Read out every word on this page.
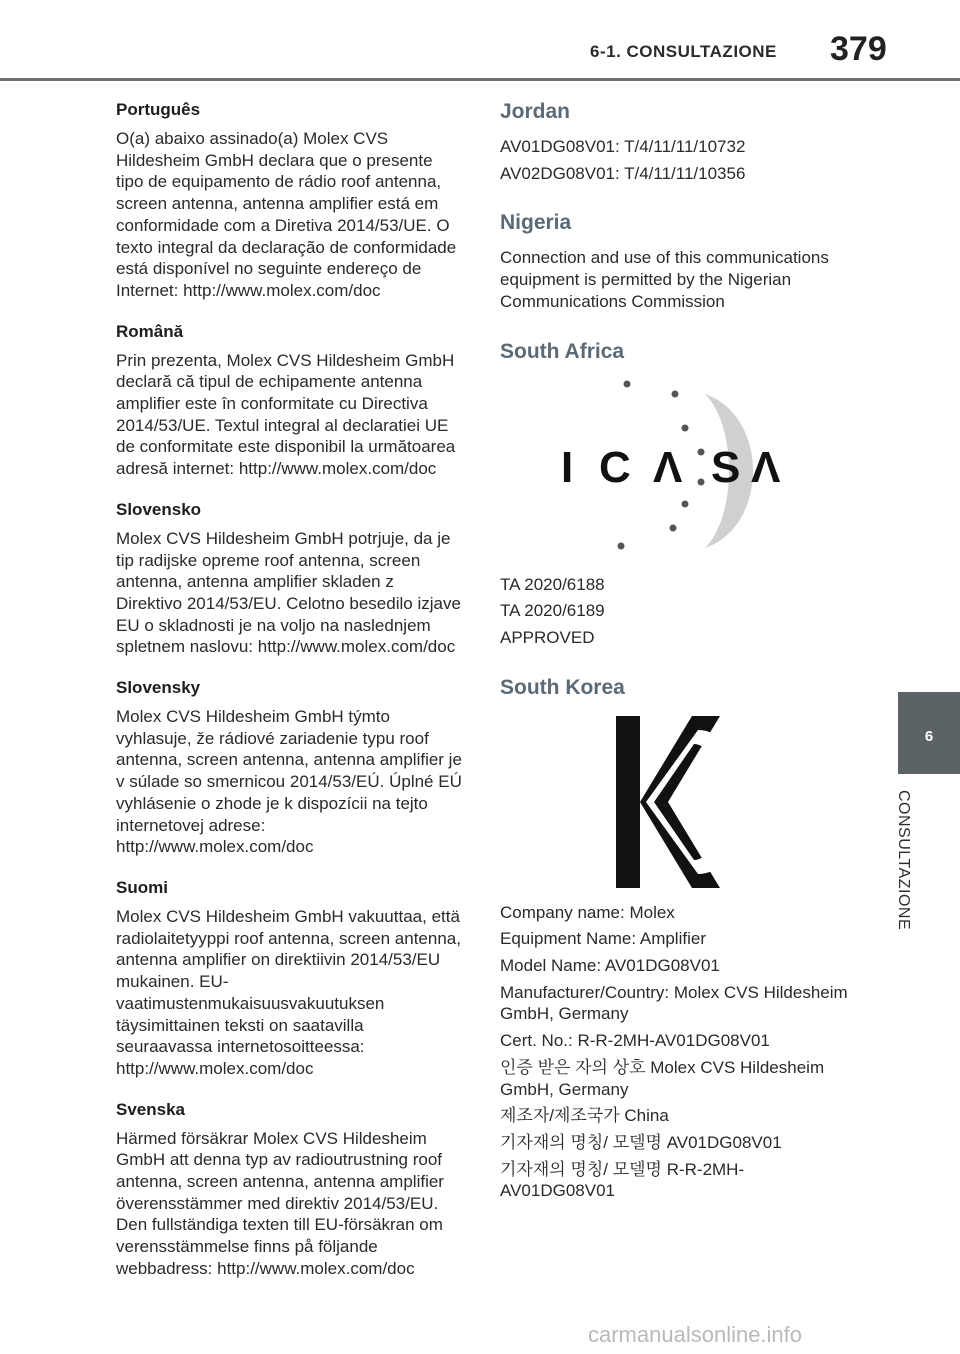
6-1. CONSULTAZIONE 379

Português

O(a) abaixo assinado(a) Molex CVS Hildesheim GmbH declara que o presente tipo de equipamento de rádio roof antenna, screen antenna, antenna amplifier está em conformidade com a Diretiva 2014/53/UE. O texto integral da declaração de conformidade está disponível no seguinte endereço de Internet: http://www.molex.com/doc

Română

Prin prezenta, Molex CVS Hildesheim GmbH declară că tipul de echipamente antenna amplifier este în conformitate cu Directiva 2014/53/UE. Textul integral al declaratiei UE de conformitate este disponibil la următoarea adresă internet: http://www.molex.com/doc

Slovensko

Molex CVS Hildesheim GmbH potrjuje, da je tip radijske opreme roof antenna, screen antenna, antenna amplifier skladen z Direktivo 2014/53/EU. Celotno besedilo izjave EU o skladnosti je na voljo na naslednjem spletnem naslovu: http://www.molex.com/doc

Slovensky

Molex CVS Hildesheim GmbH týmto vyhlasuje, že rádiové zariadenie typu roof antenna, screen antenna, antenna amplifier je v súlade so smernicou 2014/53/EÚ. Úplné EÚ vyhlásenie o zhode je k dispozícii na tejto internetovej adrese: http://www.molex.com/doc

Suomi

Molex CVS Hildesheim GmbH vakuuttaa, että radiolaitetyyppi roof antenna, screen antenna, antenna amplifier on direktiivin 2014/53/EU mukainen. EU-vaatimustenmukaisuusvakuutuksen täysimittainen teksti on saatavilla seuraavassa internetosoitteessa: http://www.molex.com/doc

Svenska

Härmed försäkrar Molex CVS Hildesheim GmbH att denna typ av radioutrustning roof antenna, screen antenna, antenna amplifier överensstämmer med direktiv 2014/53/EU. Den fullständiga texten till EU-försäkran om verensstämmelse finns på följande webbadress: http://www.molex.com/doc

Jordan

AV01DG08V01: T/4/11/11/10732

AV02DG08V01: T/4/11/11/10356

Nigeria

Connection and use of this communications equipment is permitted by the Nigerian Communications Commission

South Africa

I C Λ S Λ

TA 2020/6188

TA 2020/6189

APPROVED

South Korea

Company name: Molex

Equipment Name: Amplifier

Model Name: AV01DG08V01

Manufacturer/Country: Molex CVS Hildesheim GmbH, Germany

Cert. No.: R-R-2MH-AV01DG08V01

인증 받은 자의 상호 Molex CVS Hildesheim GmbH, Germany

제조자/제조국가 China

기자재의 명칭/ 모델명 AV01DG08V01

기자재의 명칭/ 모델명 R-R-2MH-AV01DG08V01

6
CONSULTAZIONE
carmanualsonline.info
